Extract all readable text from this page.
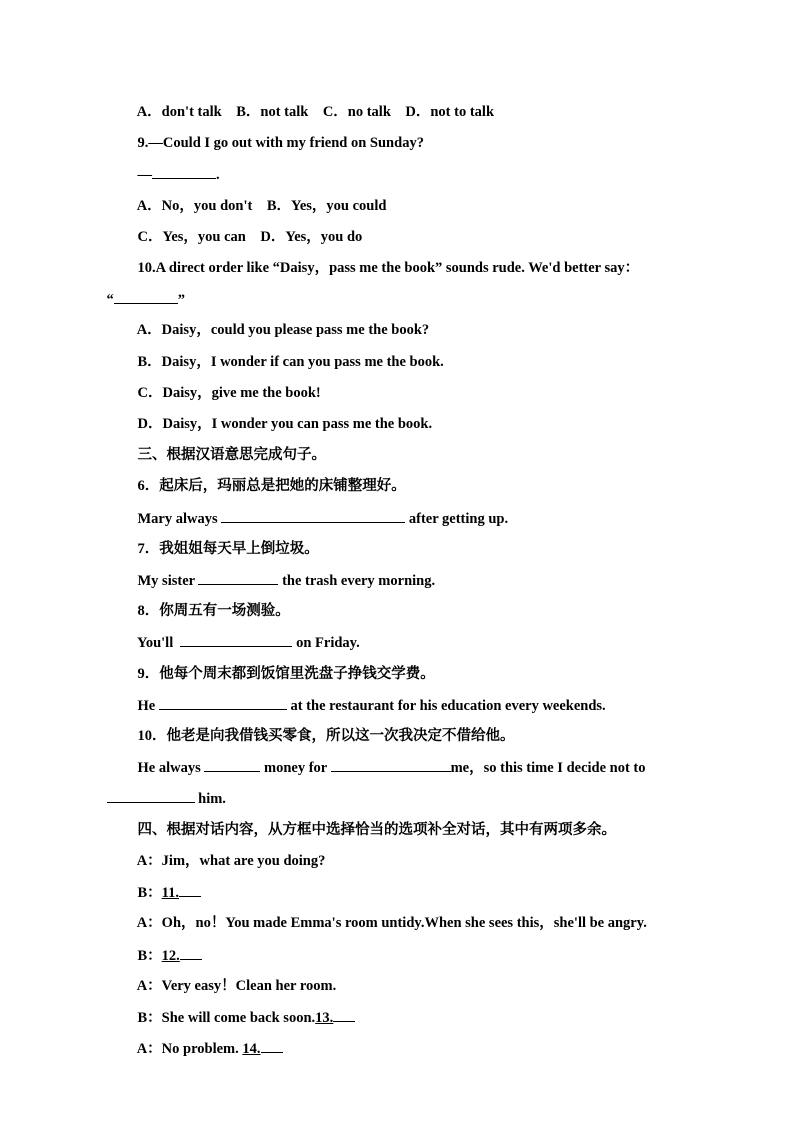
A．don't talk    B．not talk    C．no talk    D．not to talk

9.—Could I go out with my friend on Sunday?

—	.

A．No，you don't    B．Yes，you could

C．Yes，you can    D．Yes，you do

10.A direct order like “Daisy，pass me the book” sounds rude. We'd better say：

“	”

A．Daisy，could you please pass me the book?

B．Daisy，I wonder if can you pass me the book.

C．Daisy，give me the book!

D．Daisy，I wonder you can pass me the book.

三、根据汉语意思完成句子。

6．起床后，玛丽总是把她的床铺整理好。

Mary always	after getting up.

7．我姐姐每天早上倒垃圾。

My sister	the trash every morning.

8．你周五有一场测验。

You'll	on Friday.

9．他每个周末都到饭馆里洗盘子挣钱交学费。

He	at the restaurant for his education every weekends.

10．他老是向我借钱买零食，所以这一次我决定不借给他。

He always	money for	me，so this time I decide not to

him.

四、根据对话内容，从方框中选择恰当的选项补全对话，其中有两项多余。

A：Jim，what are you doing?

B：11.

A：Oh，no！You made Emma's room untidy.When she sees this，she'll be angry.

B：12.

A：Very easy！Clean her room.

B：She will come back soon.13.

A：No problem. 14.
